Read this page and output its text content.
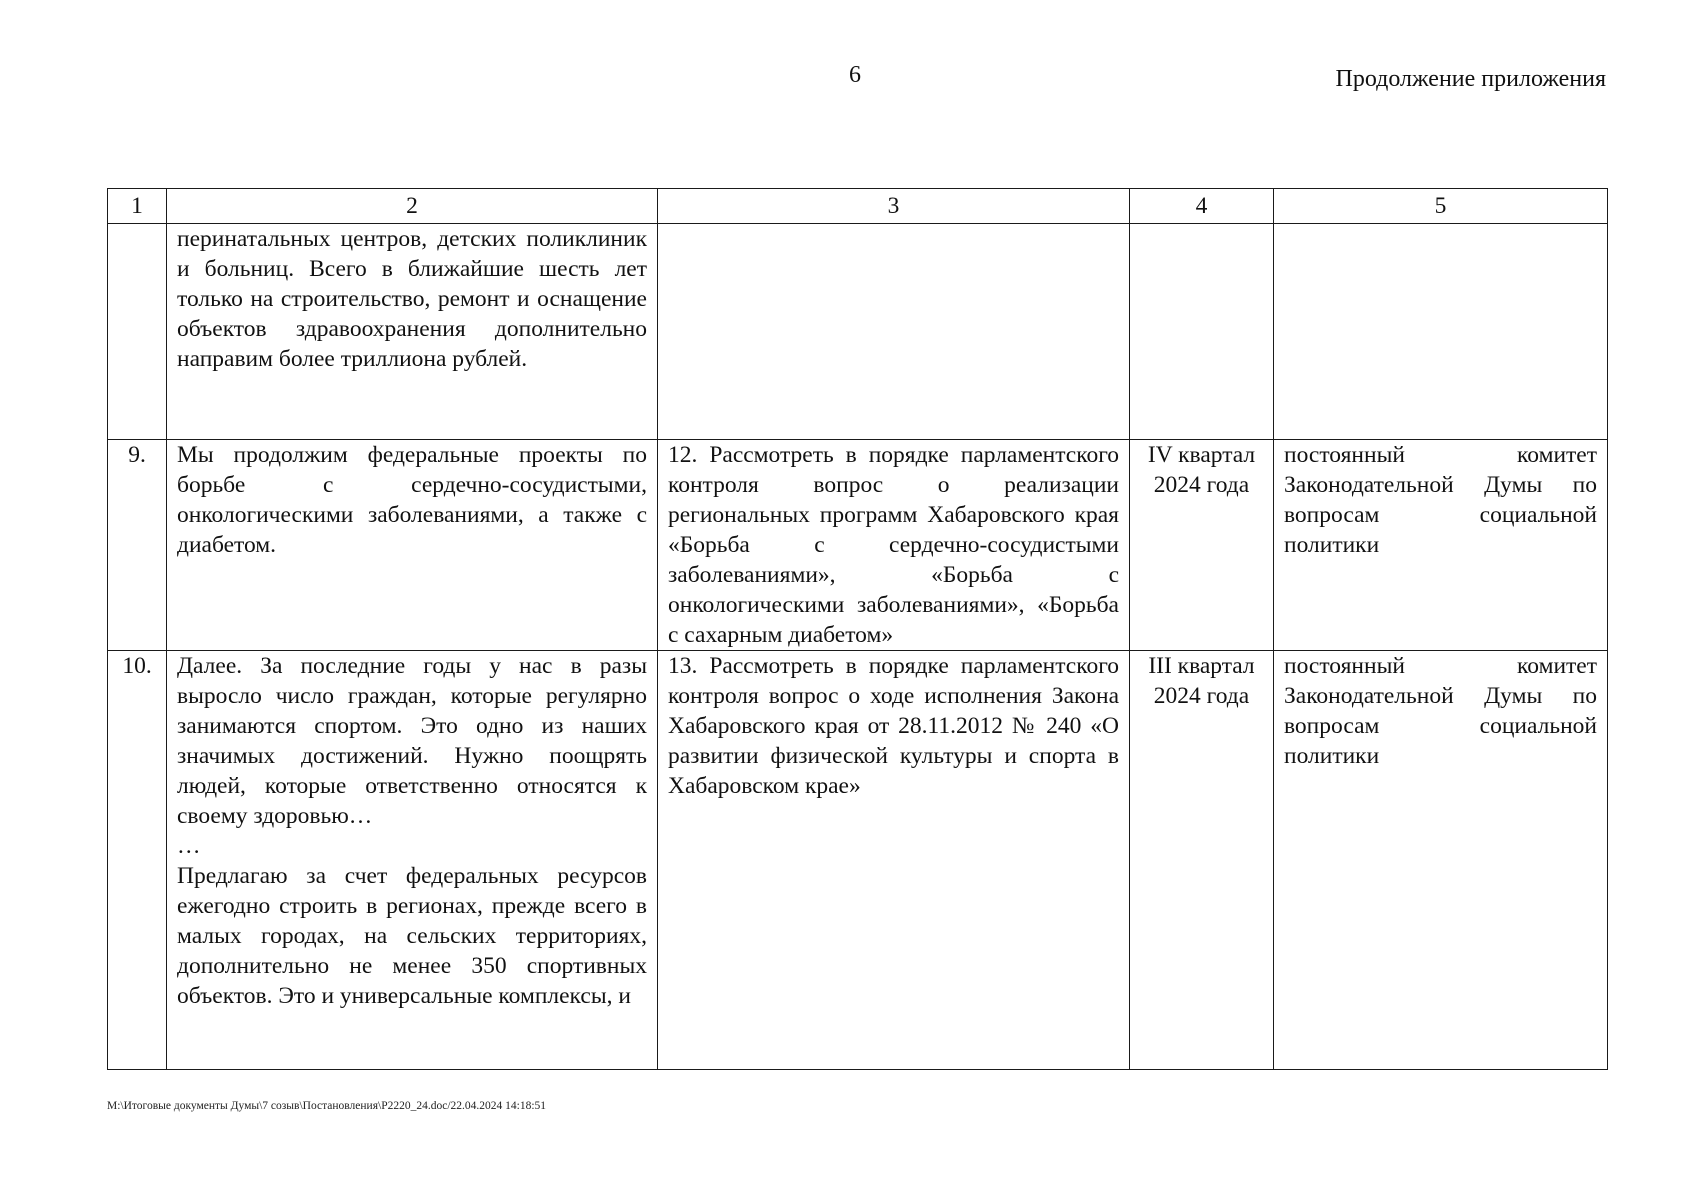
6	Продолжение приложения
1	2	3	4	5

	перинатальных центров, детских поликлиник и больниц. Всего в ближайшие шесть лет только на строительство, ремонт и оснащение объектов здравоохранения дополнительно направим более триллиона рублей.			

9.	Мы продолжим федеральные проекты по борьбе с сердечно-сосудистыми, онкологическими заболеваниями, а также с диабетом.	12. Рассмотреть в порядке парламентского контроля вопрос о реализации региональных программ Хабаровского края «Борьба с сердечно-сосудистыми заболеваниями», «Борьба с онкологическими заболеваниями», «Борьба с сахарным диабетом»	IV квартал 2024 года	постоянный комитет Законодательной Думы по вопросам социальной политики
10.	Далее. За последние годы у нас в разы выросло число граждан, которые регулярно занимаются спортом. Это одно из наших значимых достижений. Нужно поощрять людей, которые ответственно относятся к своему здоровью…
…
Предлагаю за счет федеральных ресурсов ежегодно строить в регионах, прежде всего в малых городах, на сельских территориях, дополнительно не менее 350 спортивных объектов. Это и универсальные комплексы, и	13. Рассмотреть в порядке парламентского контроля вопрос о ходе исполнения Закона Хабаровского края от 28.11.2012 № 240 «О развитии физической культуры и спорта в Хабаровском крае»	III квартал 2024 года	постоянный комитет Законодательной Думы по вопросам социальной политики
M:\Итоговые документы Думы\7 созыв\Постановления\P2220_24.doc/22.04.2024 14:18:51
